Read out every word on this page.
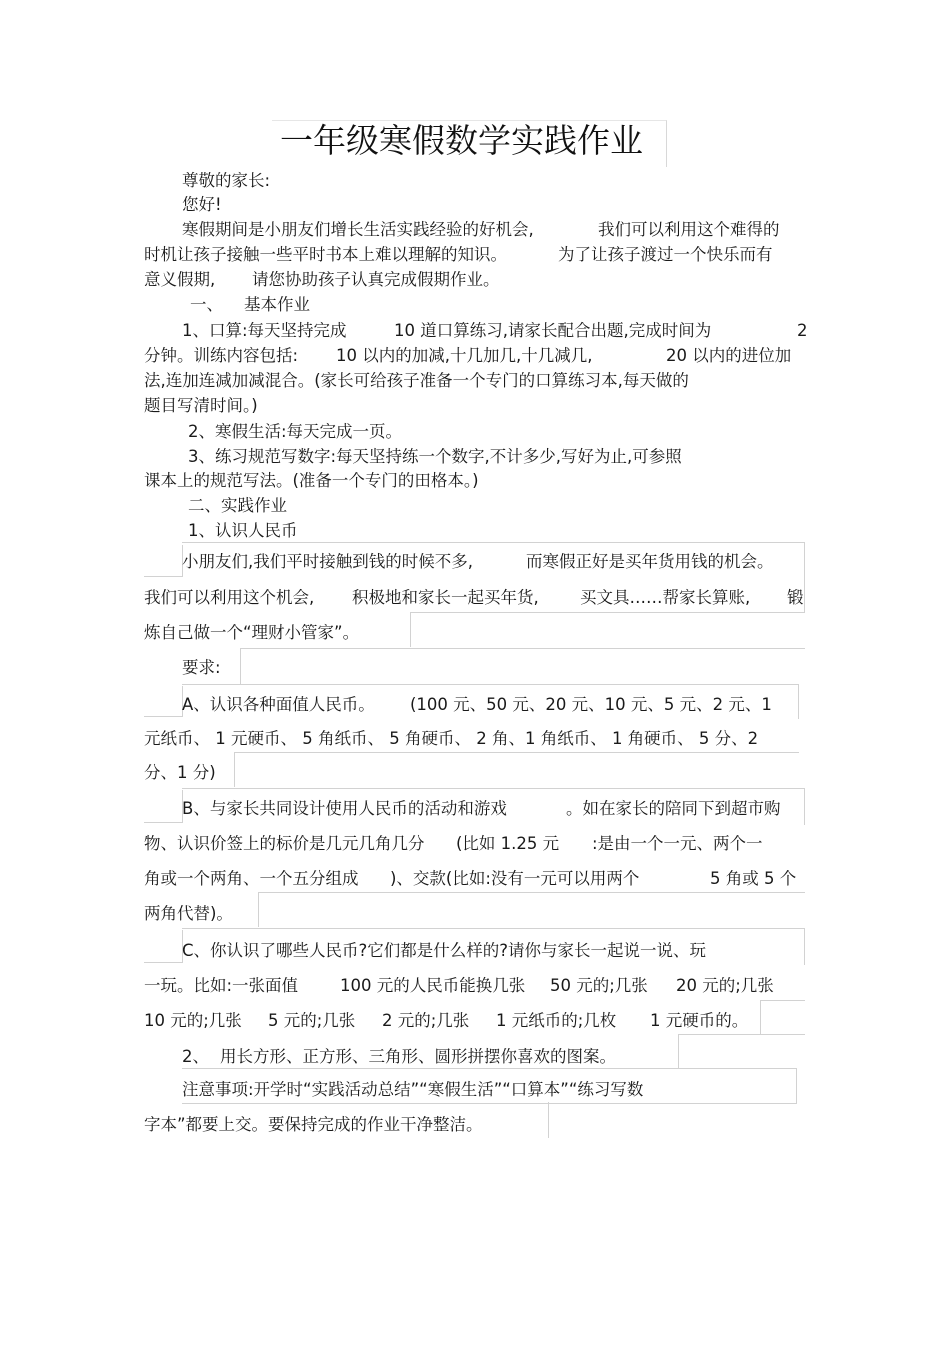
一年级寒假数学实践作业
尊敬的家长:
您好!
寒假期间是小朋友们增长生活实践经验的好机会,	我们可以利用这个难得的
时机让孩子接触一些平时书本上难以理解的知识。	为了让孩子渡过一个快乐而有
意义假期, 请您协助孩子认真完成假期作业。
一、 基本作业
1、口算:每天坚持完成	10 道口算练习,请家长配合出题,完成时间为	2
分钟。训练内容包括: 10 以内的加减,十几加几,十几减几,	20 以内的进位加
法,连加连减加减混合。(家长可给孩子准备一个专门的口算练习本,每天做的
题目写清时间。)
2、寒假生活:每天完成一页。
3、练习规范写数字:每天坚持练一个数字,不计多少,写好为止,可参照
课本上的规范写法。(准备一个专门的田格本。)
二、实践作业
1、认识人民币
小朋友们,我们平时接触到钱的时候不多,	而寒假正好是买年货用钱的机会。
我们可以利用这个机会, 积极地和家长一起买年货,	买文具……帮家长算账, 锻
炼自己做一个“理财小管家”。
要求:
A、认识各种面值人民币。 (100 元、50 元、20 元、10 元、5 元、2 元、1
元纸币、 1 元硬币、 5 角纸币、 5 角硬币、 2 角、1 角纸币、 1 角硬币、 5 分、2
分、1 分)
B、与家长共同设计使用人民币的活动和游戏	。如在家长的陪同下到超市购
物、认识价签上的标价是几元几角几分 (比如 1.25 元 :是由一个一元、两个一
角或一个两角、一个五分组成 )、交款(比如:没有一元可以用两个	5 角或 5 个
两角代替)。
C、你认识了哪些人民币?它们都是什么样的?请你与家长一起说一说、玩
一玩。比如:一张面值	100 元的人民币能换几张 50 元的;几张 20 元的;几张
10 元的;几张 5 元的;几张 2 元的;几张 1 元纸币的;几枚 1 元硬币的。
2、 用长方形、正方形、三角形、圆形拼摆你喜欢的图案。
注意事项:开学时“实践活动总结”“寒假生活”“口算本”“练习写数
字本”都要上交。要保持完成的作业干净整洁。
